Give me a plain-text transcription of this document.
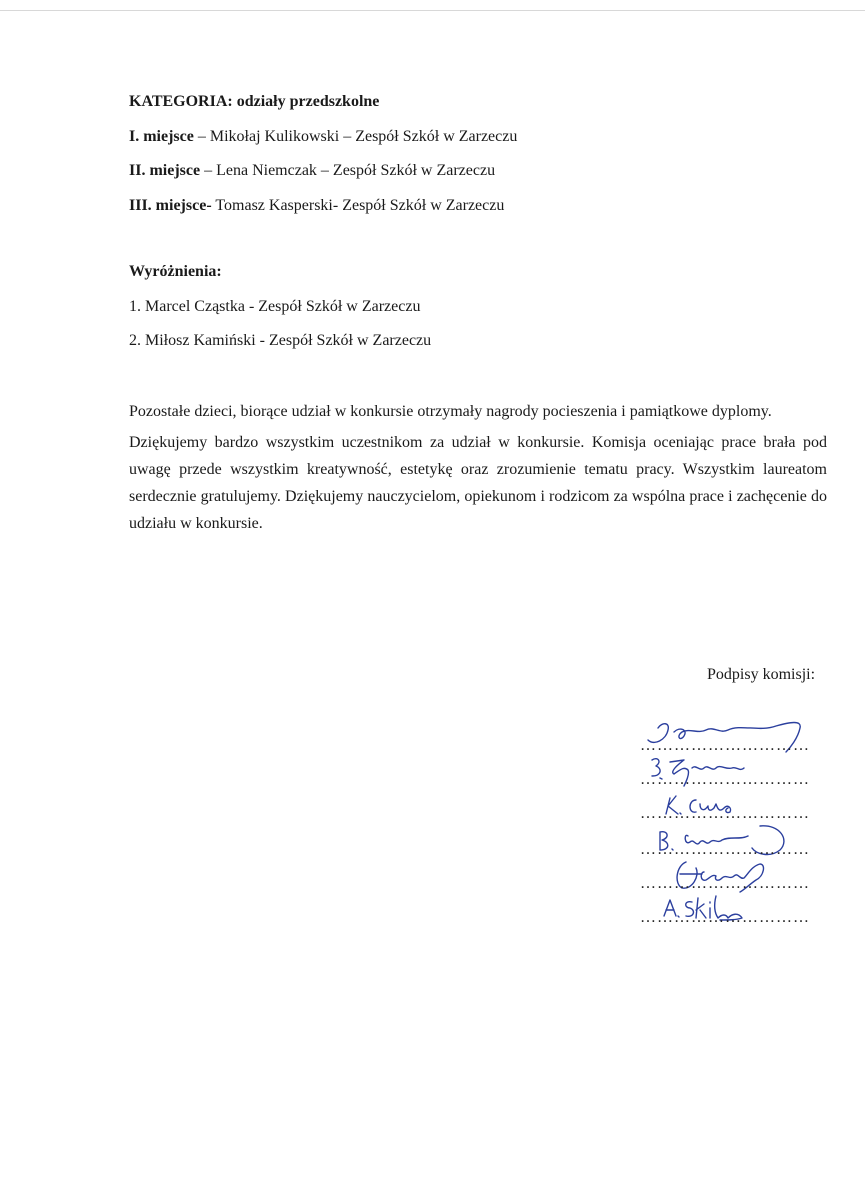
KATEGORIA: odziały przedszkolne
I. miejsce – Mikołaj Kulikowski – Zespół Szkół w Zarzeczu
II. miejsce – Lena Niemczak – Zespół Szkół w Zarzeczu
III. miejsce- Tomasz Kasperski- Zespół Szkół w Zarzeczu
Wyróżnienia:
1. Marcel Cząstka - Zespół Szkół w Zarzeczu
2. Miłosz Kamiński - Zespół Szkół w Zarzeczu

Pozostałe dzieci, biorące udział w konkursie otrzymały nagrody pocieszenia i pamiątkowe dyplomy.

Dziękujemy bardzo wszystkim uczestnikom za udział w konkursie. Komisja oceniając prace brała pod uwagę przede wszystkim kreatywność, estetykę oraz zrozumienie tematu pracy. Wszystkim laureatom serdecznie gratulujemy. Dziękujemy nauczycielom, opiekunom i rodzicom za wspólna prace i zachęcenie do udziału w konkursie.

Podpisy komisji:
…………………………
…………………………
…………………………
…………………………
…………………………
…………………………
